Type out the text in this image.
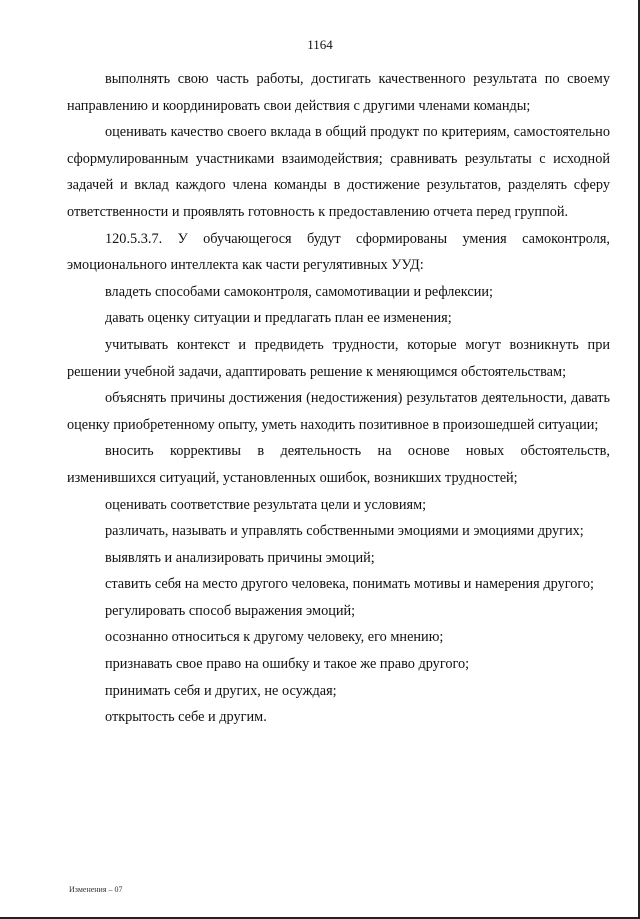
1164

выполнять свою часть работы, достигать качественного результата по своему направлению и координировать свои действия с другими членами команды;

оценивать качество своего вклада в общий продукт по критериям, самостоятельно сформулированным участниками взаимодействия; сравнивать результаты с исходной задачей и вклад каждого члена команды в достижение результатов, разделять сферу ответственности и проявлять готовность к предоставлению отчета перед группой.

120.5.3.7. У обучающегося будут сформированы умения самоконтроля, эмоционального интеллекта как части регулятивных УУД:

владеть способами самоконтроля, самомотивации и рефлексии;

давать оценку ситуации и предлагать план ее изменения;

учитывать контекст и предвидеть трудности, которые могут возникнуть при решении учебной задачи, адаптировать решение к меняющимся обстоятельствам;

объяснять причины достижения (недостижения) результатов деятельности, давать оценку приобретенному опыту, уметь находить позитивное в произошедшей ситуации;

вносить коррективы в деятельность на основе новых обстоятельств, изменившихся ситуаций, установленных ошибок, возникших трудностей;

оценивать соответствие результата цели и условиям;

различать, называть и управлять собственными эмоциями и эмоциями других;

выявлять и анализировать причины эмоций;

ставить себя на место другого человека, понимать мотивы и намерения другого;

регулировать способ выражения эмоций;

осознанно относиться к другому человеку, его мнению;

признавать свое право на ошибку и такое же право другого;

принимать себя и других, не осуждая;

открытость себе и другим.

Изменения – 07
